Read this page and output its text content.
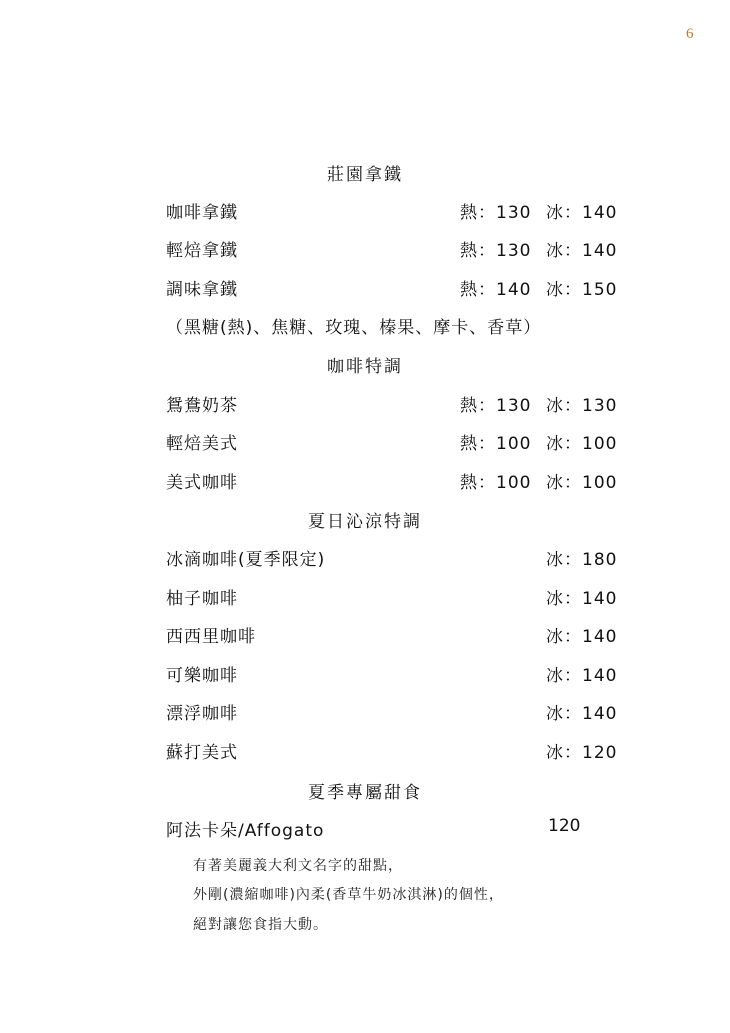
6
莊園拿鐵
咖啡拿鐵	熱：130 冰：140
輕焙拿鐵	熱：130 冰：140
調味拿鐵	熱：140 冰：150
（黑糖(熱)、焦糖、玫瑰、榛果、摩卡、香草）
咖啡特調
鴛鴦奶茶	熱：130 冰：130
輕焙美式	熱：100 冰：100
美式咖啡	熱：100 冰：100
夏日沁涼特調
冰滴咖啡(夏季限定)	冰：180
柚子咖啡	冰：140
西西里咖啡	冰：140
可樂咖啡	冰：140
漂浮咖啡	冰：140
蘇打美式	冰：120
夏季專屬甜食
阿法卡朵/Affogato	120
有著美麗義大利文名字的甜點，
外剛(濃縮咖啡)內柔(香草牛奶冰淇淋)的個性，
絕對讓您食指大動。
